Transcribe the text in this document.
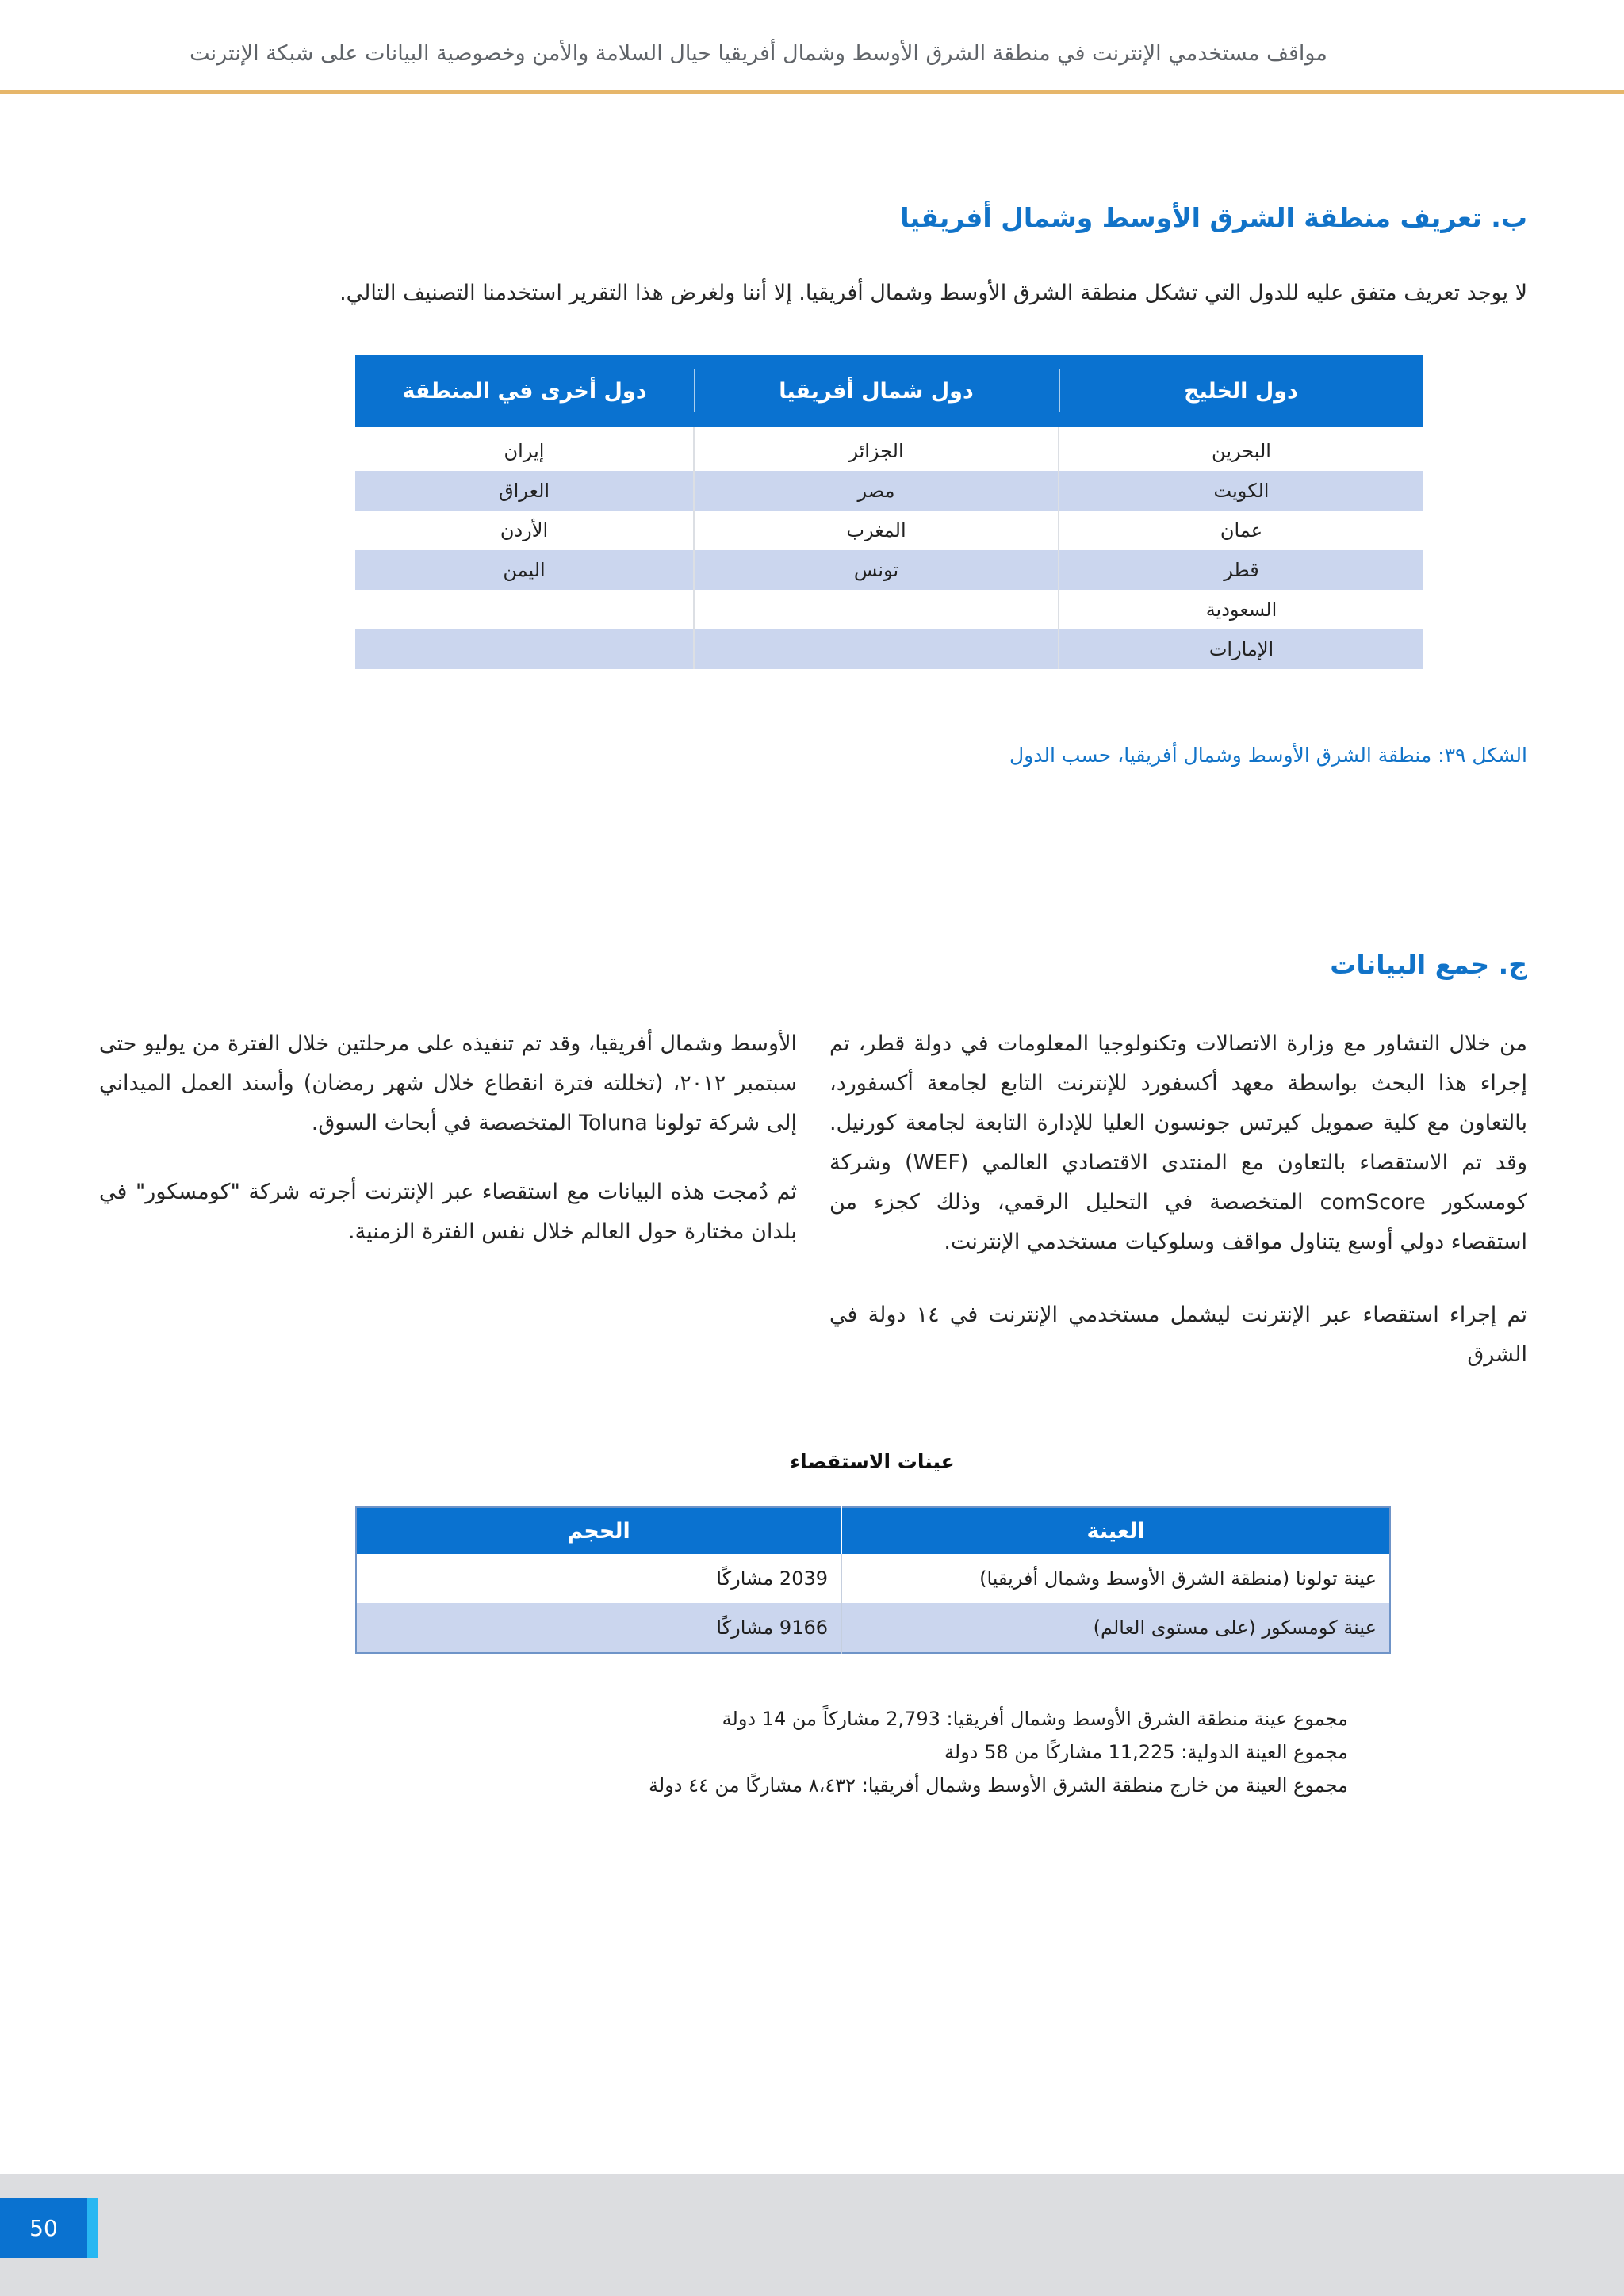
مواقف مستخدمي الإنترنت في منطقة الشرق الأوسط وشمال أفريقيا حيال السلامة والأمن وخصوصية البيانات على شبكة الإنترنت
ب. تعريف منطقة الشرق الأوسط وشمال أفريقيا
لا يوجد تعريف متفق عليه للدول التي تشكل منطقة الشرق الأوسط وشمال أفريقيا. إلا أننا ولغرض هذا التقرير استخدمنا التصنيف التالي.
دول الخليج	دول شمال أفريقيا	دول أخرى في المنطقة
البحرين	الجزائر	إيران
الكويت	مصر	العراق
عمان	المغرب	الأردن
قطر	تونس	اليمن
السعودية		
الإمارات		
الشكل ٣٩: منطقة الشرق الأوسط وشمال أفريقيا، حسب الدول
ج. جمع البيانات
من خلال التشاور مع وزارة الاتصالات وتكنولوجيا المعلومات في دولة قطر، تم إجراء هذا البحث بواسطة معهد أكسفورد للإنترنت التابع لجامعة أكسفورد، بالتعاون مع كلية صمويل كيرتس جونسون العليا للإدارة التابعة لجامعة كورنيل. وقد تم الاستقصاء بالتعاون مع المنتدى الاقتصادي العالمي (WEF) وشركة كومسكور comScore المتخصصة في التحليل الرقمي، وذلك كجزء من استقصاء دولي أوسع يتناول مواقف وسلوكيات مستخدمي الإنترنت.
تم إجراء استقصاء عبر الإنترنت ليشمل مستخدمي الإنترنت في ١٤ دولة في الشرق
الأوسط وشمال أفريقيا، وقد تم تنفيذه على مرحلتين خلال الفترة من يوليو حتى سبتمبر ٢٠١٢، (تخللته فترة انقطاع خلال شهر رمضان) وأسند العمل الميداني إلى شركة تولونا Toluna المتخصصة في أبحاث السوق.
ثم دُمجت هذه البيانات مع استقصاء عبر الإنترنت أجرته شركة "كومسكور" في بلدان مختارة حول العالم خلال نفس الفترة الزمنية.
عينات الاستقصاء
العينة	الحجم
عينة تولونا (منطقة الشرق الأوسط وشمال أفريقيا)	2039 مشاركًا
عينة كومسكور (على مستوى العالم)	9166 مشاركًا
مجموع عينة منطقة الشرق الأوسط وشمال أفريقيا: 2,793 مشاركاً من 14 دولة
مجموع العينة الدولية: 11,225 مشاركًا من 58 دولة
مجموع العينة من خارج منطقة الشرق الأوسط وشمال أفريقيا: ٨،٤٣٢ مشاركًا من ٤٤ دولة
50
